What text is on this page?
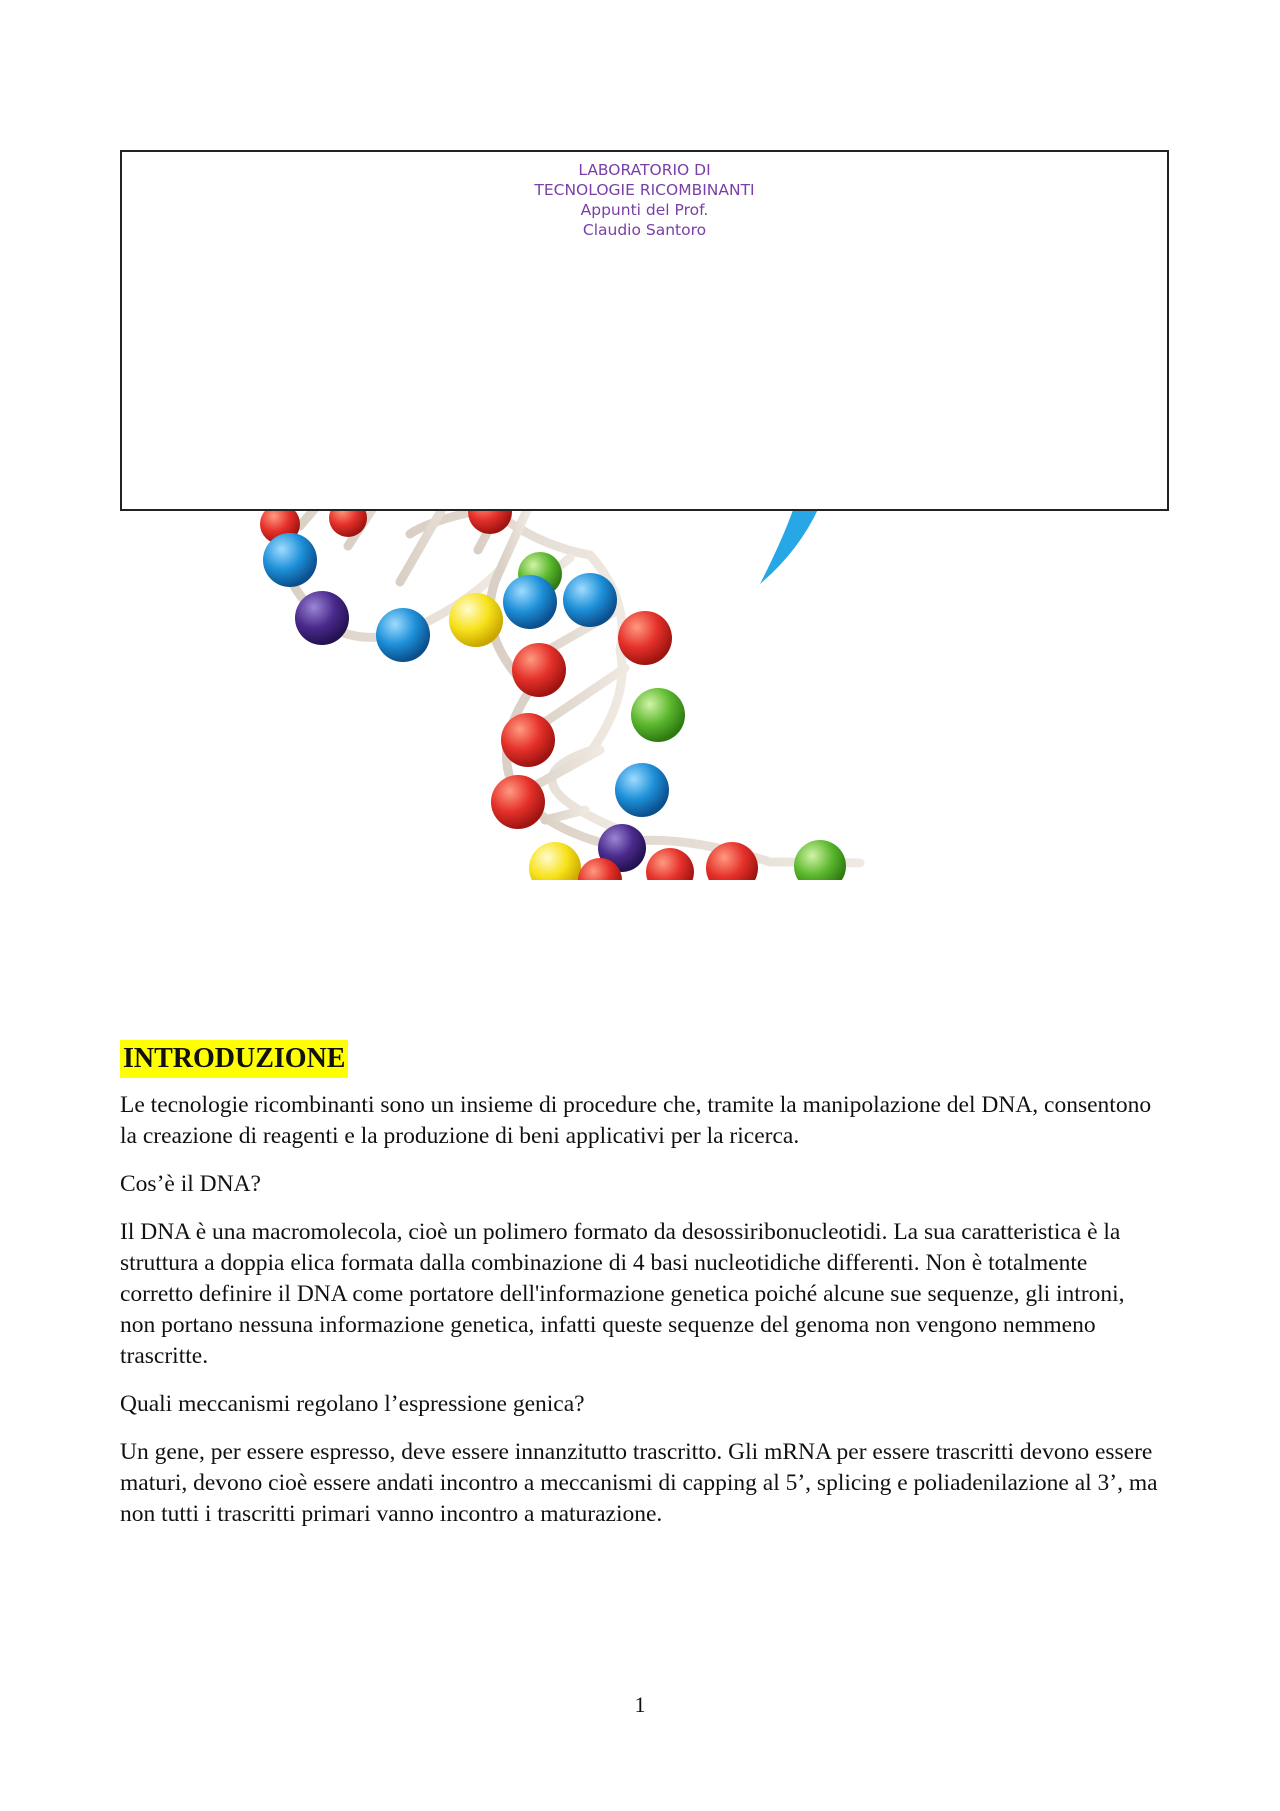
LABORATORIO DI
TECNOLOGIE RICOMBINANTI
Appunti del Prof.
Claudio Santoro
INTRODUZIONE

Le tecnologie ricombinanti sono un insieme di procedure che, tramite la manipolazione del DNA, consentono la creazione di reagenti e la produzione di beni applicativi per la ricerca.

Cos’è il DNA?

Il DNA è una macromolecola, cioè un polimero formato da desossiribonucleotidi. La sua caratteristica è la struttura a doppia elica formata dalla combinazione di 4 basi nucleotidiche differenti. Non è totalmente corretto definire il DNA come portatore dell'informazione genetica poiché alcune sue sequenze, gli introni, non portano nessuna informazione genetica, infatti queste sequenze del genoma non vengono nemmeno trascritte.

Quali meccanismi regolano l’espressione genica?

Un gene, per essere espresso, deve essere innanzitutto trascritto. Gli mRNA per essere trascritti devono essere maturi, devono cioè essere andati incontro a meccanismi di capping al 5’, splicing e poliadenilazione al 3’, ma non tutti i trascritti primari vanno incontro a maturazione.

1
